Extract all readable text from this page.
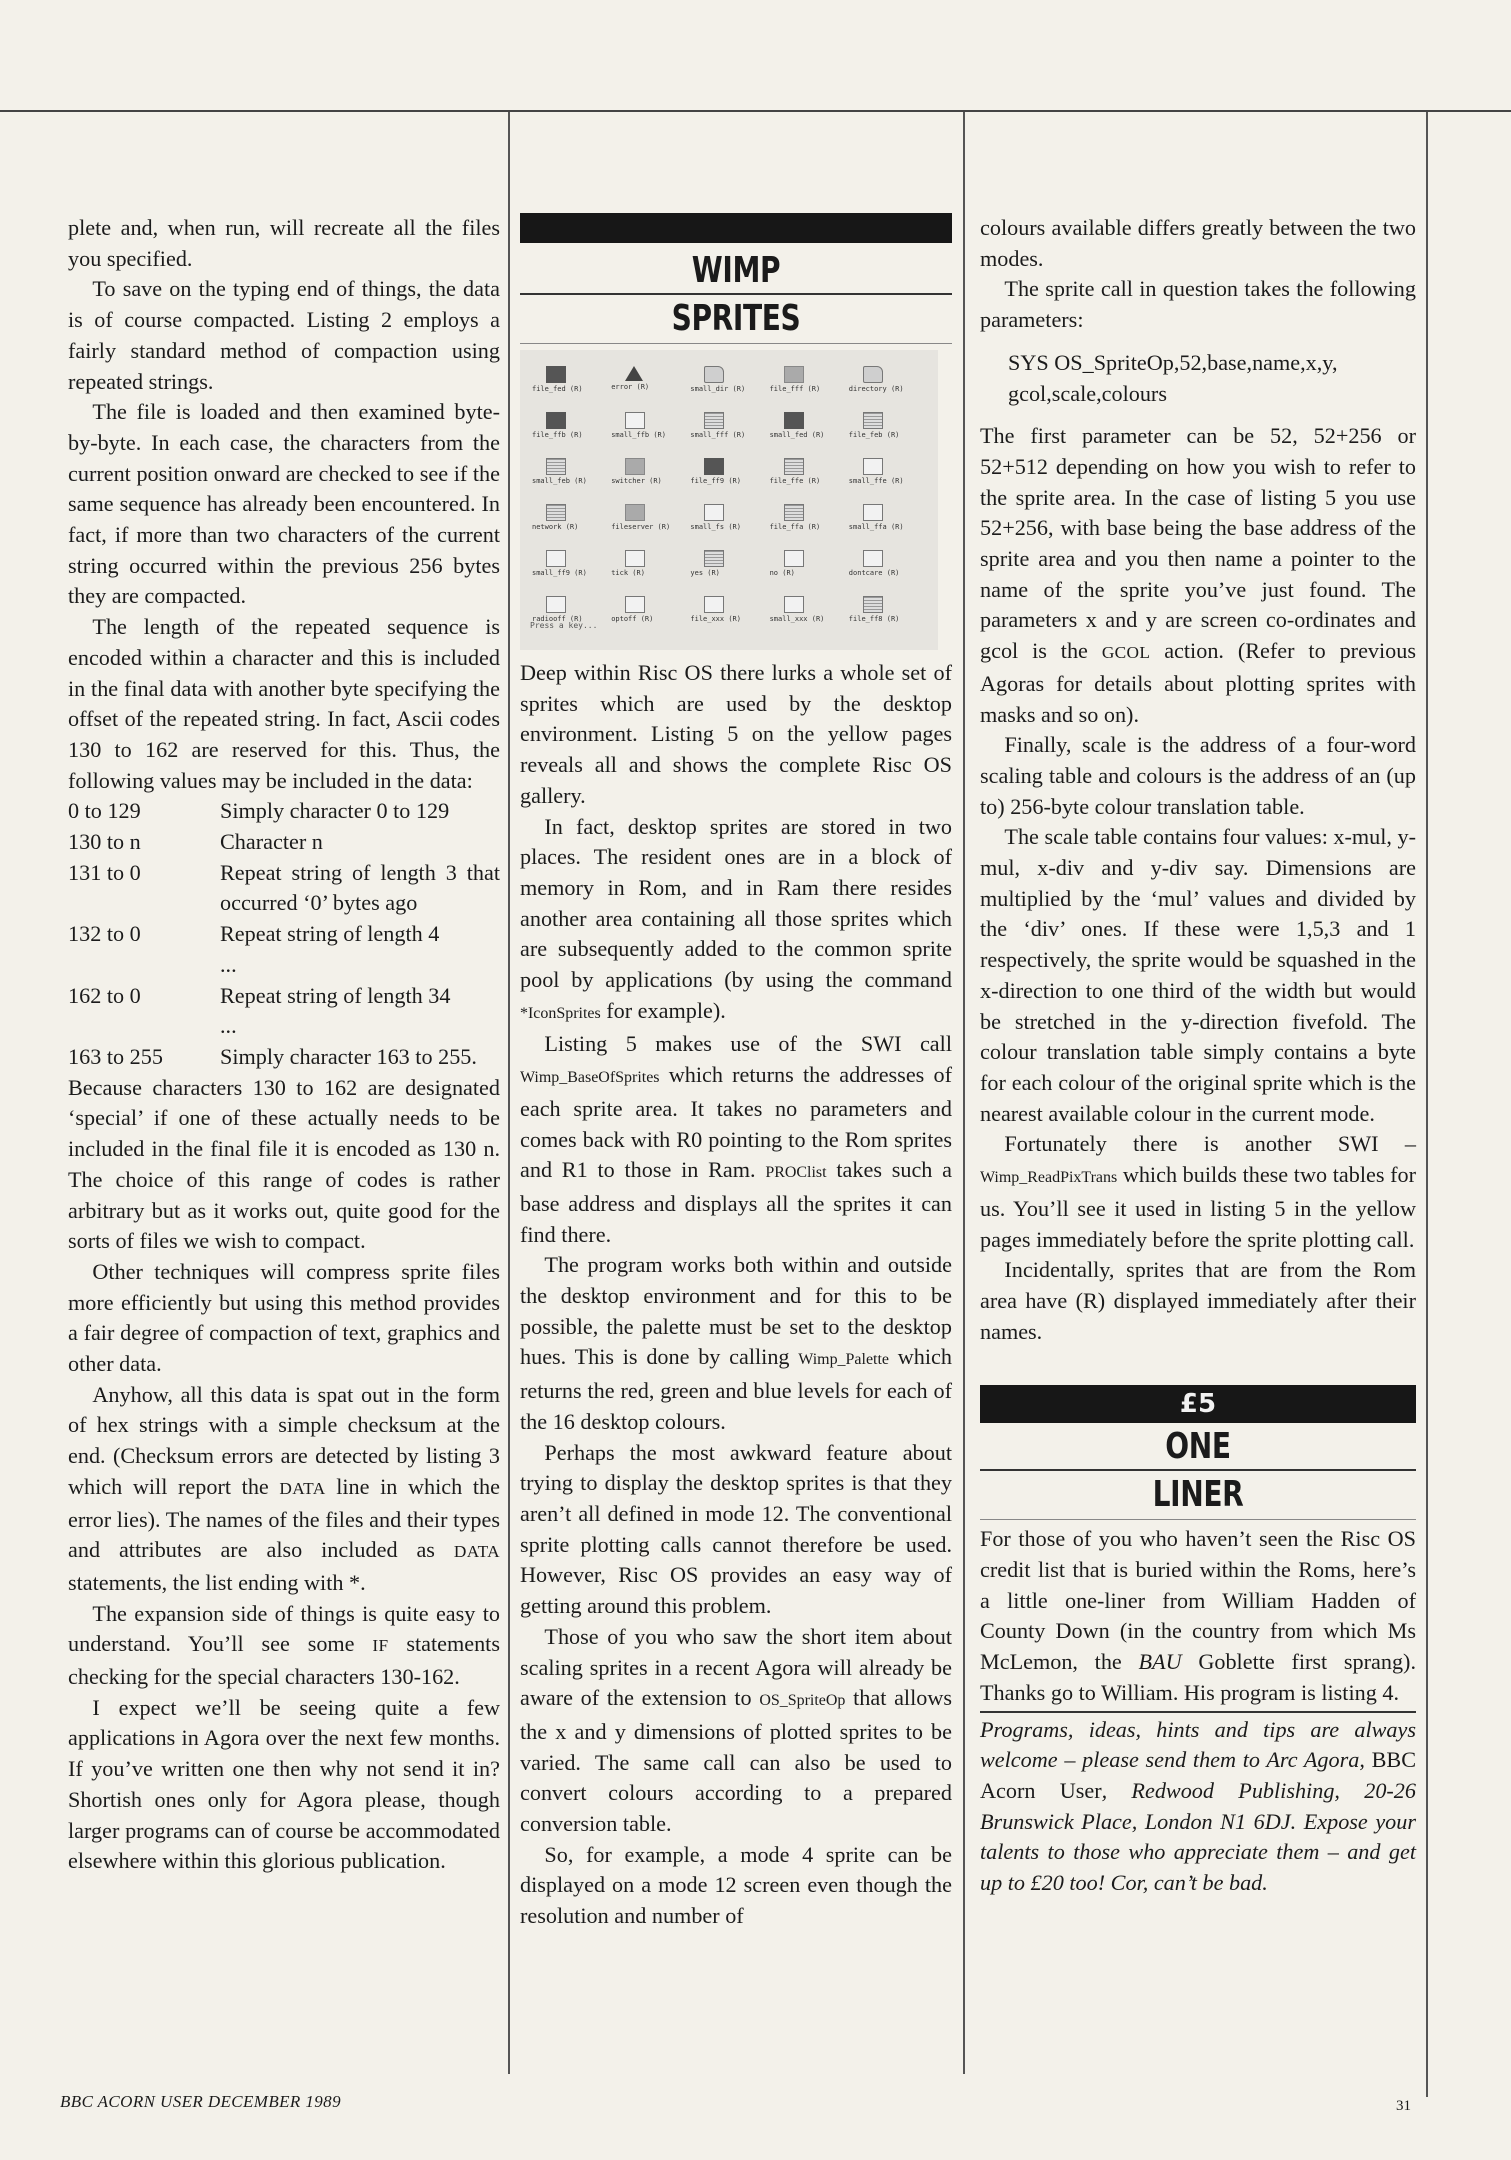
plete and, when run, will recreate all the files you specified.

To save on the typing end of things, the data is of course compacted. Listing 2 employs a fairly standard method of compaction using repeated strings.

The file is loaded and then examined byte-by-byte. In each case, the characters from the current position onward are checked to see if the same sequence has already been encountered. In fact, if more than two characters of the current string occurred within the previous 256 bytes they are compacted.

The length of the repeated sequence is encoded within a character and this is included in the final data with another byte specifying the offset of the repeated string. In fact, Ascii codes 130 to 162 are reserved for this. Thus, the following values may be included in the data:

0 to 129	Simply character 0 to 129
130 to n	Character n
131 to 0	Repeat string of length 3 that occurred ‘0’ bytes ago
132 to 0	Repeat string of length 4
	...
162 to 0	Repeat string of length 34
	...
163 to 255	Simply character 163 to 255.

Because characters 130 to 162 are designated ‘special’ if one of these actually needs to be included in the final file it is encoded as 130 n. The choice of this range of codes is rather arbitrary but as it works out, quite good for the sorts of files we wish to compact.

Other techniques will compress sprite files more efficiently but using this method provides a fair degree of compaction of text, graphics and other data.

Anyhow, all this data is spat out in the form of hex strings with a simple checksum at the end. (Checksum errors are detected by listing 3 which will report the DATA line in which the error lies). The names of the files and their types and attributes are also included as DATA statements, the list ending with *.

The expansion side of things is quite easy to understand. You’ll see some IF statements checking for the special characters 130-162.

I expect we’ll be seeing quite a few applications in Agora over the next few months. If you’ve written one then why not send it in? Shortish ones only for Agora please, though larger programs can of course be accommodated elsewhere within this glorious publication.

WIMP
SPRITES
file_fed (R)	error (R)	small_dir (R)	file_fff (R)	directory (R)
file_ffb (R)	small_ffb (R)	small_fff (R)	small_fed (R)	file_feb (R)
small_feb (R)	switcher (R)	file_ff9 (R)	file_ffe (R)	small_ffe (R)
network (R)	fileserver (R)	small_fs (R)	file_ffa (R)	small_ffa (R)
small_ff9 (R)	tick (R)	yes (R)	no (R)	dontcare (R)
radiooff (R)	optoff (R)	file_xxx (R)	small_xxx (R)	file_ff8 (R)
Press a key...

Deep within Risc OS there lurks a whole set of sprites which are used by the desktop environment. Listing 5 on the yellow pages reveals all and shows the complete Risc OS gallery.

In fact, desktop sprites are stored in two places. The resident ones are in a block of memory in Rom, and in Ram there resides another area containing all those sprites which are subsequently added to the common sprite pool by applications (by using the command *IconSprites for example).

Listing 5 makes use of the SWI call Wimp_BaseOfSprites which returns the addresses of each sprite area. It takes no parameters and comes back with R0 pointing to the Rom sprites and R1 to those in Ram. PROClist takes such a base address and displays all the sprites it can find there.

The program works both within and outside the desktop environment and for this to be possible, the palette must be set to the desktop hues. This is done by calling Wimp_Palette which returns the red, green and blue levels for each of the 16 desktop colours.

Perhaps the most awkward feature about trying to display the desktop sprites is that they aren’t all defined in mode 12. The conventional sprite plotting calls cannot therefore be used. However, Risc OS provides an easy way of getting around this problem.

Those of you who saw the short item about scaling sprites in a recent Agora will already be aware of the extension to OS_SpriteOp that allows the x and y dimensions of plotted sprites to be varied. The same call can also be used to convert colours according to a prepared conversion table.

So, for example, a mode 4 sprite can be displayed on a mode 12 screen even though the resolution and number of

colours available differs greatly between the two modes.

The sprite call in question takes the following parameters:

SYS OS_SpriteOp,52,base,name,x,y, gcol,scale,colours

The first parameter can be 52, 52+256 or 52+512 depending on how you wish to refer to the sprite area. In the case of listing 5 you use 52+256, with base being the base address of the sprite area and you then name a pointer to the name of the sprite you’ve just found. The parameters x and y are screen co-ordinates and gcol is the GCOL action. (Refer to previous Agoras for details about plotting sprites with masks and so on).

Finally, scale is the address of a four-word scaling table and colours is the address of an (up to) 256-byte colour translation table.

The scale table contains four values: x-mul, y-mul, x-div and y-div say. Dimensions are multiplied by the ‘mul’ values and divided by the ‘div’ ones. If these were 1,5,3 and 1 respectively, the sprite would be squashed in the x-direction to one third of the width but would be stretched in the y-direction fivefold. The colour translation table simply contains a byte for each colour of the original sprite which is the nearest available colour in the current mode.

Fortunately there is another SWI – Wimp_ReadPixTrans which builds these two tables for us. You’ll see it used in listing 5 in the yellow pages immediately before the sprite plotting call.

Incidentally, sprites that are from the Rom area have (R) displayed immediately after their names.

£5
ONE
LINER

For those of you who haven’t seen the Risc OS credit list that is buried within the Roms, here’s a little one-liner from William Hadden of County Down (in the country from which Ms McLemon, the BAU Goblette first sprang). Thanks go to William. His program is listing 4.

Programs, ideas, hints and tips are always welcome – please send them to Arc Agora, BBC Acorn User, Redwood Publishing, 20-26 Brunswick Place, London N1 6DJ. Expose your talents to those who appreciate them – and get up to £20 too! Cor, can’t be bad.

BBC ACORN USER DECEMBER 1989	31
